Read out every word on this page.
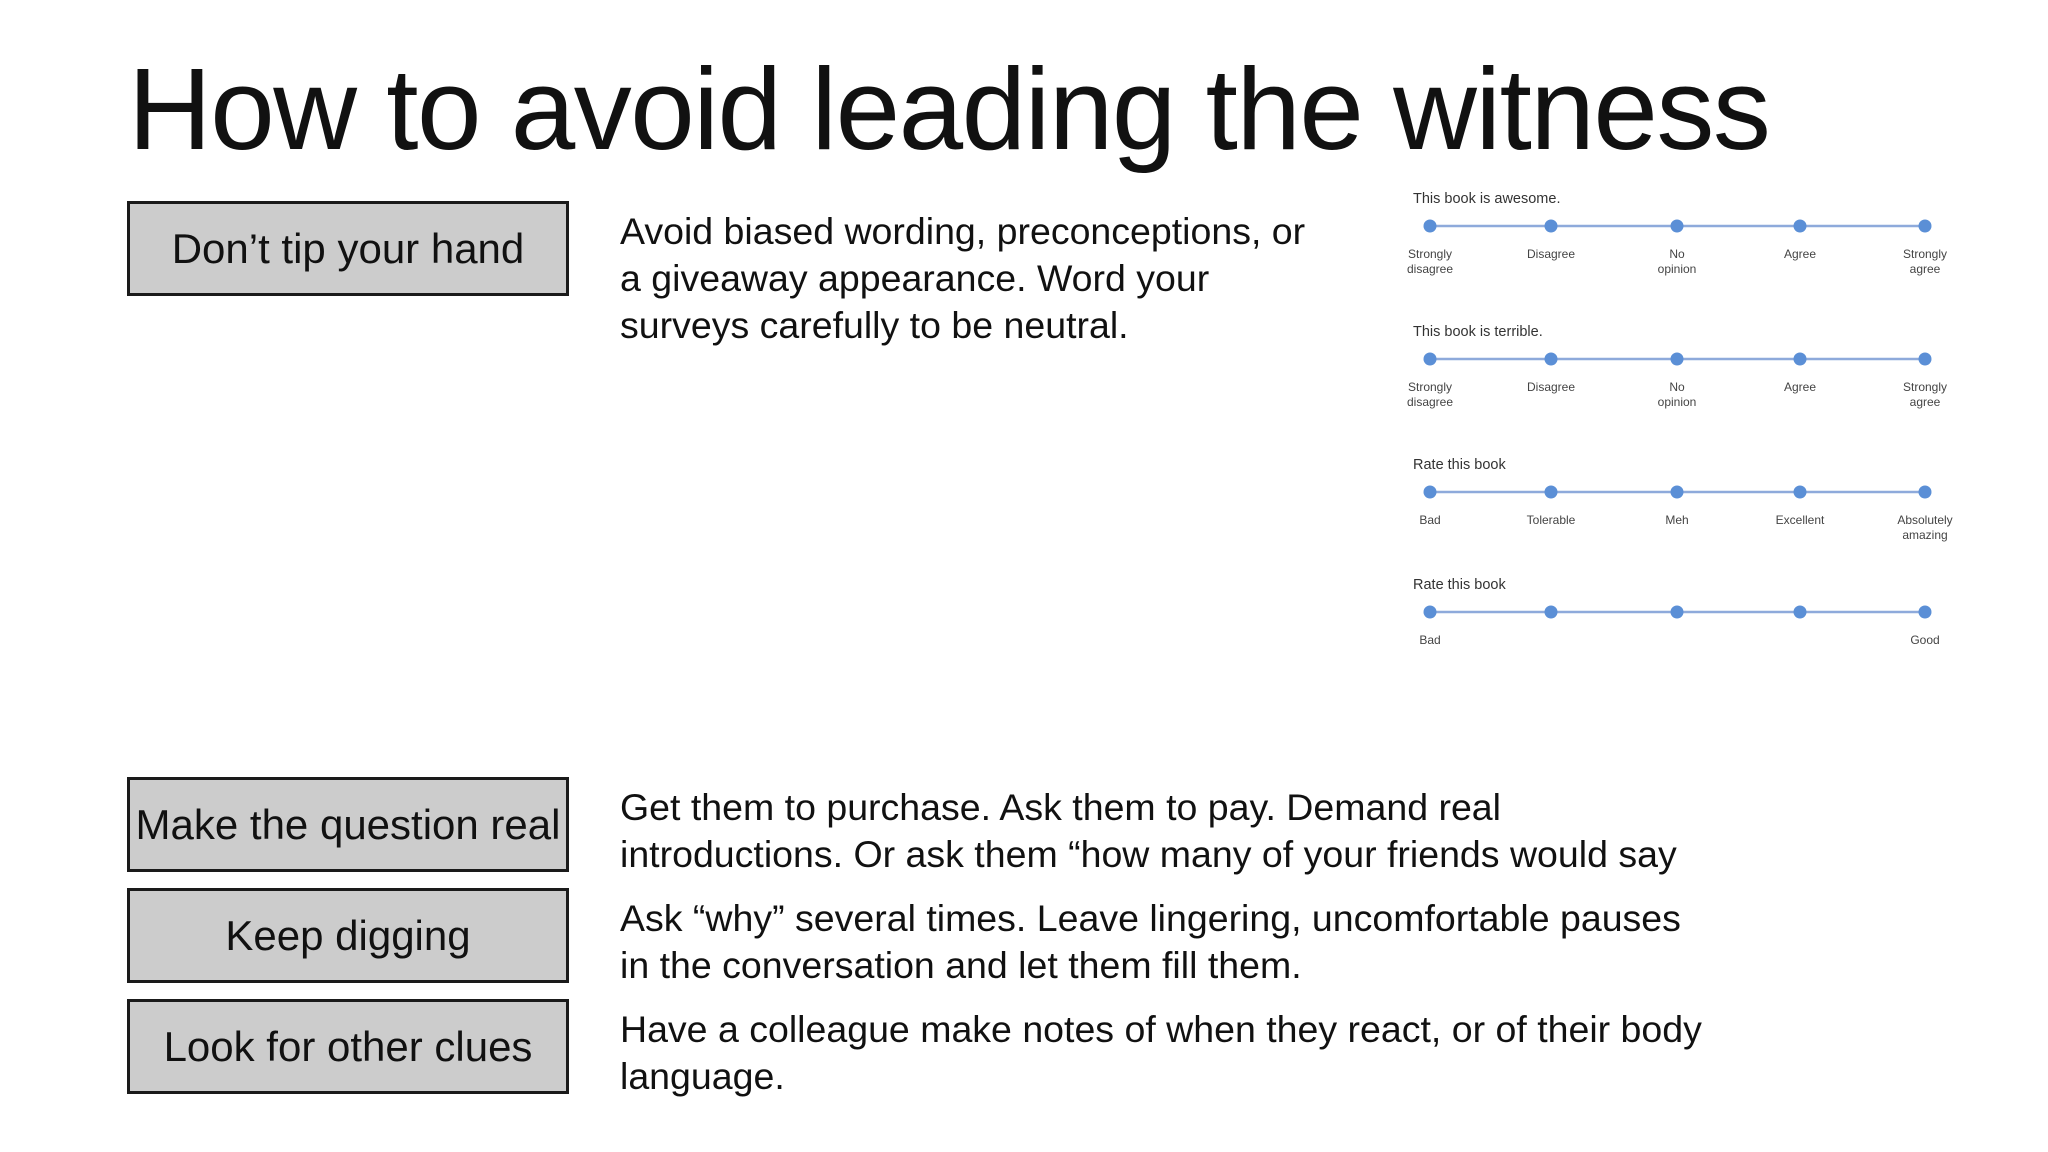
How to avoid leading the witness
Don’t tip your hand	Avoid biased wording, preconceptions, or
a giveaway appearance. Word your
surveys carefully to be neutral.

Make the question real Get them to purchase. Ask them to pay. Demand real
introductions. Or ask them “how many of your friends would say

Keep digging	Ask “why” several times. Leave lingering, uncomfortable pauses
in the conversation and let them fill them.

Look for other clues Have a colleague make notes of when they react, or of their body
language.

This book is awesome.
Strongly
disagree
Disagree	No
opinion
Agree	Strongly
agree
This book is terrible.
Strongly
disagree
Disagree	No
opinion
Agree	Strongly
agree
Rate this book
Bad	Tolerable	Meh	Excellent	Absolutely
amazing
Rate this book
Bad	Good
